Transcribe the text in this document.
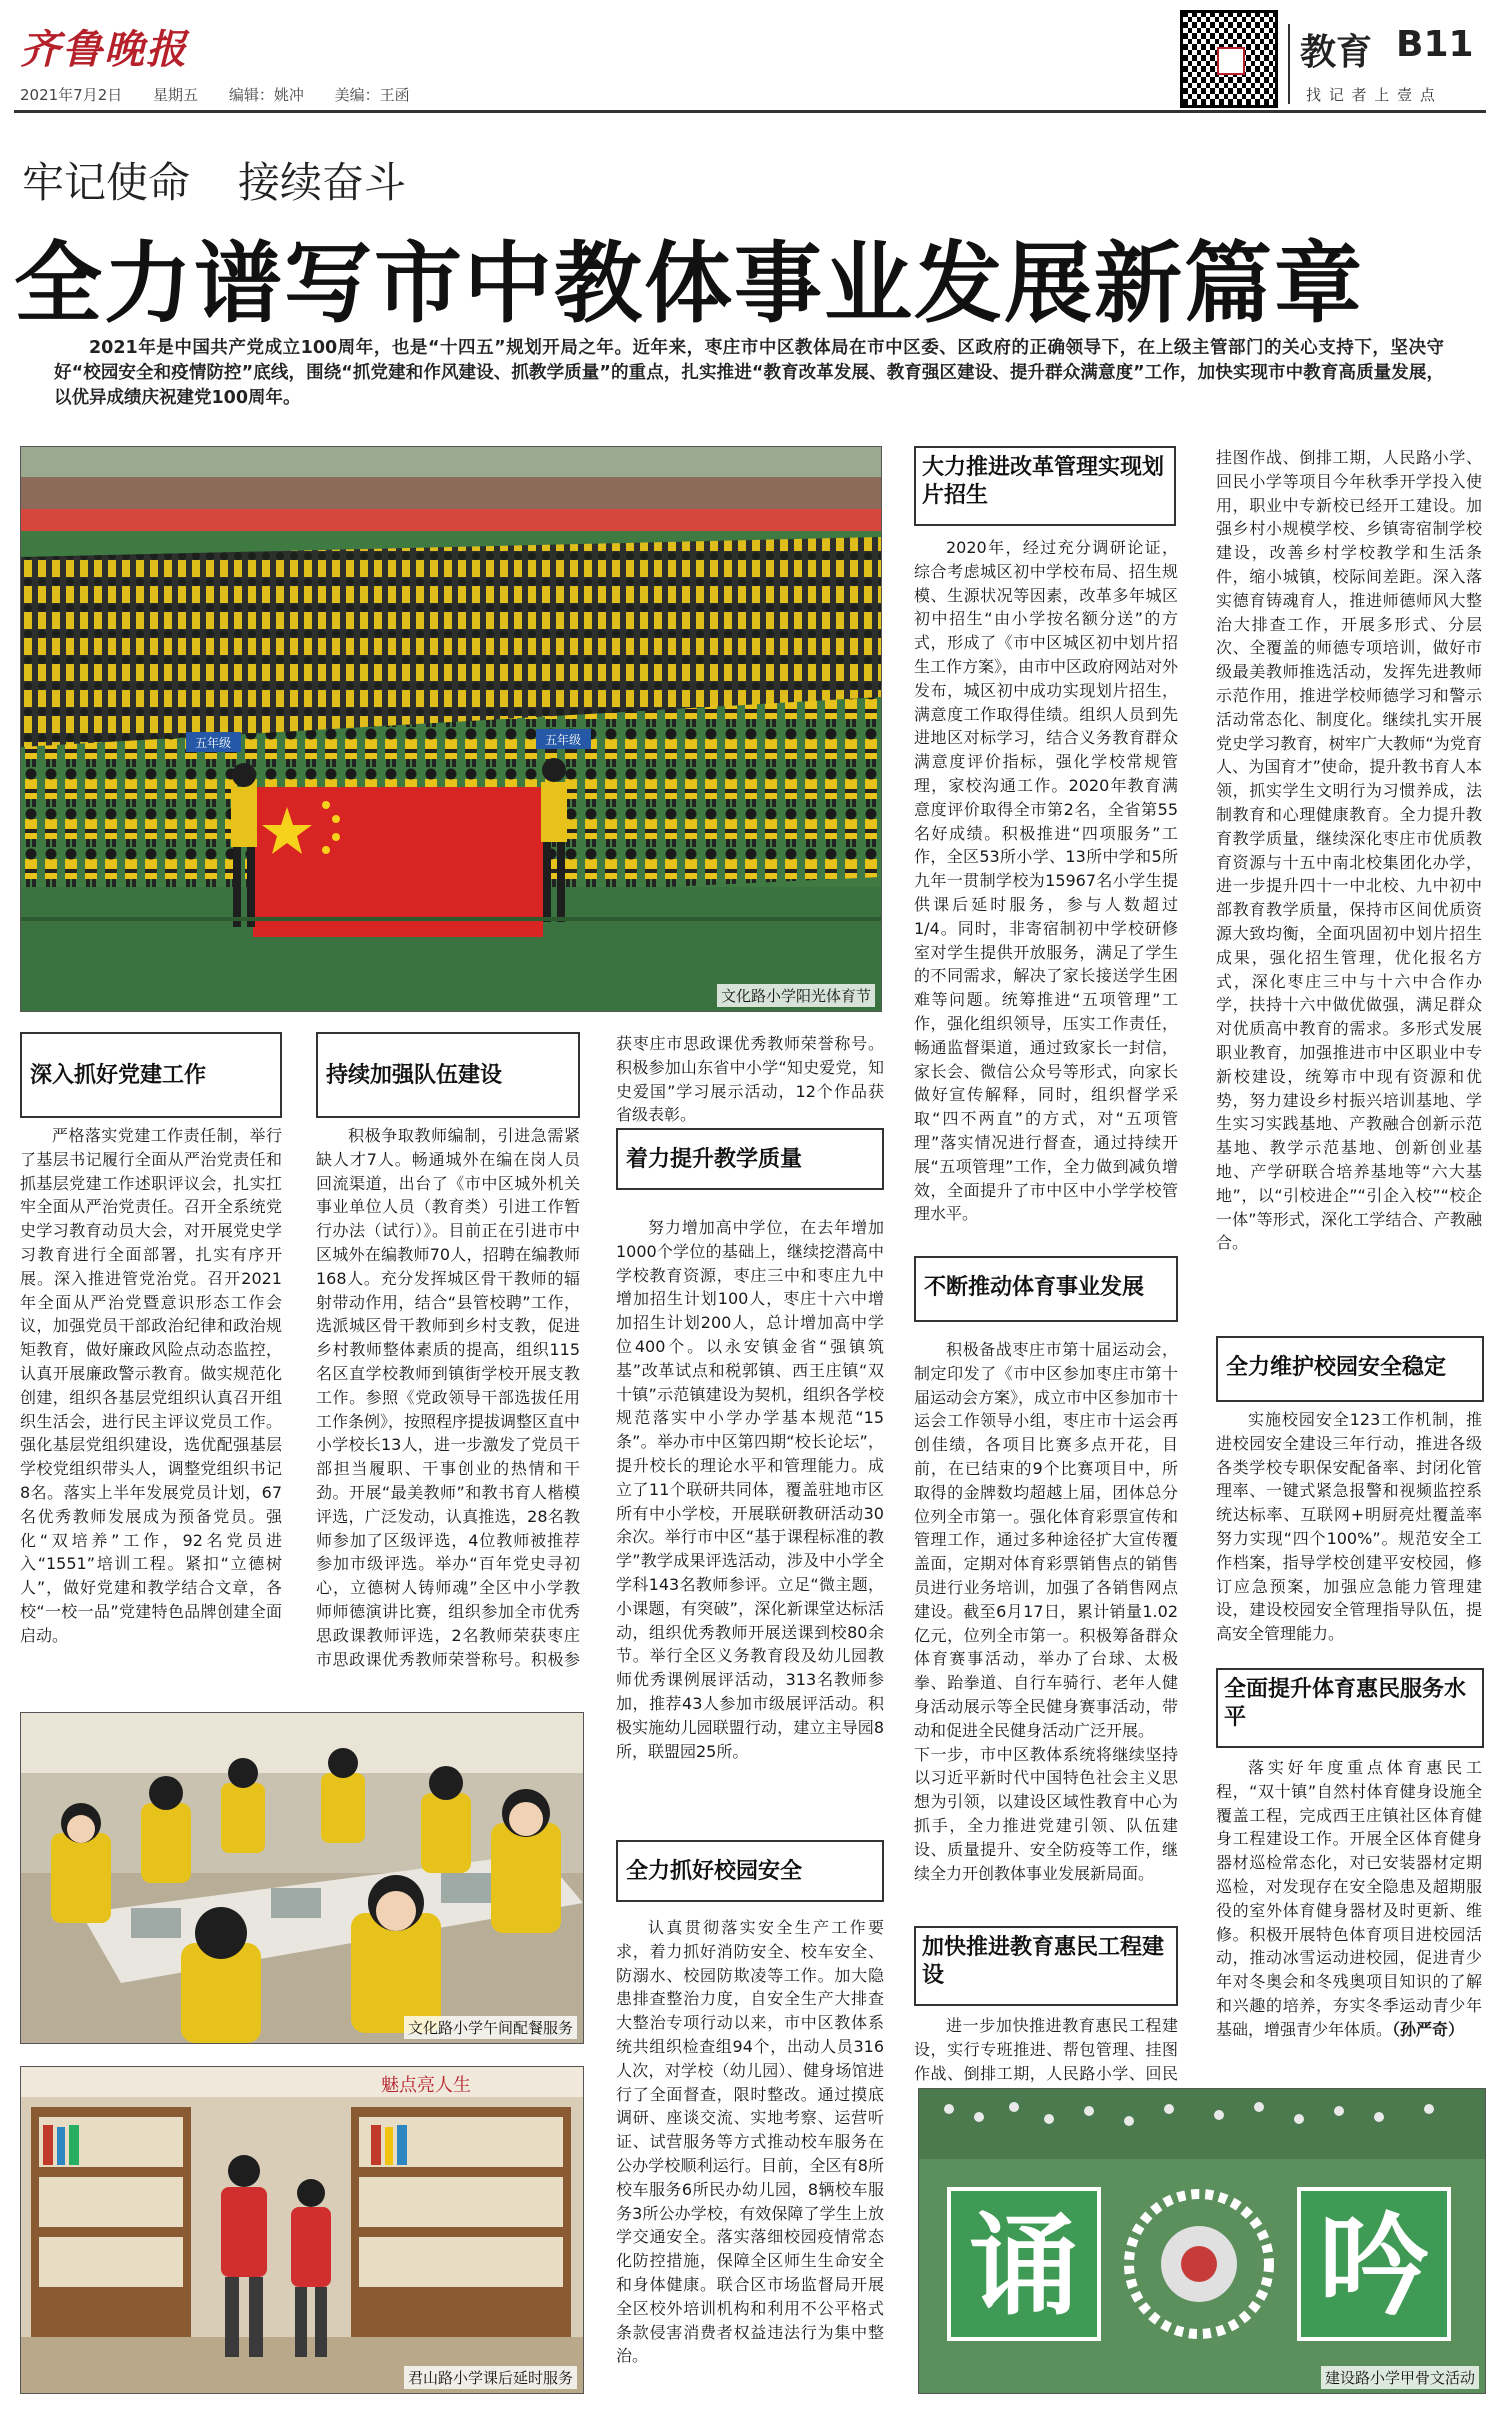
齐鲁晚报
2021年7月2日 星期五 编辑：姚冲 美编：王函
教育 B11
找 记 者 上 壹 点
牢记使命 接续奋斗
全力谱写市中教体事业发展新篇章
2021年是中国共产党成立100周年，也是“十四五”规划开局之年。近年来，枣庄市中区教体局在市中区委、区政府的正确领导下，在上级主管部门的关心支持下，坚决守好“校园安全和疫情防控”底线，围绕“抓党建和作风建设、抓教学质量”的重点，扎实推进“教育改革发展、教育强区建设、提升群众满意度”工作，加快实现市中教育高质量发展，以优异成绩庆祝建党100周年。
五年级	五年级
文化路小学阳光体育节
深入抓好党建工作
严格落实党建工作责任制，举行了基层书记履行全面从严治党责任和抓基层党建工作述职评议会，扎实扛牢全面从严治党责任。召开全系统党史学习教育动员大会，对开展党史学习教育进行全面部署，扎实有序开展。深入推进管党治党。召开2021年全面从严治党暨意识形态工作会议，加强党员干部政治纪律和政治规矩教育，做好廉政风险点动态监控，认真开展廉政警示教育。做实规范化创建，组织各基层党组织认真召开组织生活会，进行民主评议党员工作。强化基层党组织建设，选优配强基层学校党组织带头人，调整党组织书记8名。落实上半年发展党员计划，67名优秀教师发展成为预备党员。强化“双培养”工作，92名党员进入“1551”培训工程。紧扣“立德树人”，做好党建和教学结合文章，各校“一校一品”党建特色品牌创建全面启动。
持续加强队伍建设
积极争取教师编制，引进急需紧缺人才7人。畅通城外在编在岗人员回流渠道，出台了《市中区城外机关事业单位人员（教育类）引进工作暂行办法（试行）》。目前正在引进市中区城外在编教师70人，招聘在编教师168人。充分发挥城区骨干教师的辐射带动作用，结合“县管校聘”工作，选派城区骨干教师到乡村支教，促进乡村教师整体素质的提高，组织115名区直学校教师到镇街学校开展支教工作。参照《党政领导干部选拔任用工作条例》，按照程序提拔调整区直中小学校长13人，进一步激发了党员干部担当履职、干事创业的热情和干劲。开展“最美教师”和教书育人楷模评选，广泛发动，认真推选，28名教师参加了区级评选，4位教师被推荐参加市级评选。举办“百年党史寻初心，立德树人铸师魂”全区中小学教师师德演讲比赛，组织参加全市优秀思政课教师评选，2名教师荣获枣庄市思政课优秀教师荣誉称号。积极参
获枣庄市思政课优秀教师荣誉称号。积极参加山东省中小学“知史爱党，知史爱国”学习展示活动，12个作品获省级表彰。
着力提升教学质量
努力增加高中学位，在去年增加1000个学位的基础上，继续挖潜高中学校教育资源，枣庄三中和枣庄九中增加招生计划100人，枣庄十六中增加招生计划200人，总计增加高中学位400个。以永安镇金省“强镇筑基”改革试点和税郭镇、西王庄镇“双十镇”示范镇建设为契机，组织各学校规范落实中小学办学基本规范“15条”。举办市中区第四期“校长论坛”，提升校长的理论水平和管理能力。成立了11个联研共同体，覆盖驻地市区所有中小学校，开展联研教研活动30余次。举行市中区“基于课程标准的教学”教学成果评选活动，涉及中小学全学科143名教师参评。立足“微主题，小课题，有突破”，深化新课堂达标活动，组织优秀教师开展送课到校80余节。举行全区义务教育段及幼儿园教师优秀课例展评活动，313名教师参加，推荐43人参加市级展评活动。积极实施幼儿园联盟行动，建立主导园8所，联盟园25所。
全力抓好校园安全
认真贯彻落实安全生产工作要求，着力抓好消防安全、校车安全、防溺水、校园防欺凌等工作。加大隐患排查整治力度，自安全生产大排查大整治专项行动以来，市中区教体系统共组织检查组94个，出动人员316人次，对学校（幼儿园）、健身场馆进行了全面督查，限时整改。通过摸底调研、座谈交流、实地考察、运营听证、试营服务等方式推动校车服务在公办学校顺利运行。目前，全区有8所校车服务6所民办幼儿园，8辆校车服务3所公办学校，有效保障了学生上放学交通安全。落实落细校园疫情常态化防控措施，保障全区师生生命安全和身体健康。联合区市场监督局开展全区校外培训机构和利用不公平格式条款侵害消费者权益违法行为集中整治。
文化路小学午间配餐服务
魅点亮人生
君山路小学课后延时服务
大力推进改革管理实现划片招生
2020年，经过充分调研论证，综合考虑城区初中学校布局、招生规模、生源状况等因素，改革多年城区初中招生“由小学按名额分送”的方式，形成了《市中区城区初中划片招生工作方案》，由市中区政府网站对外发布，城区初中成功实现划片招生，满意度工作取得佳绩。组织人员到先进地区对标学习，结合义务教育群众满意度评价指标，强化学校常规管理，家校沟通工作。2020年教育满意度评价取得全市第2名，全省第55名好成绩。积极推进“四项服务”工作，全区53所小学、13所中学和5所九年一贯制学校为15967名小学生提供课后延时服务，参与人数超过1/4。同时，非寄宿制初中学校研修室对学生提供开放服务，满足了学生的不同需求，解决了家长接送学生困难等问题。统筹推进“五项管理”工作，强化组织领导，压实工作责任，畅通监督渠道，通过致家长一封信，家长会、微信公众号等形式，向家长做好宣传解释，同时，组织督学采取“四不两直”的方式，对“五项管理”落实情况进行督查，通过持续开展“五项管理”工作，全力做到减负增效，全面提升了市中区中小学学校管理水平。
不断推动体育事业发展
积极备战枣庄市第十届运动会，制定印发了《市中区参加枣庄市第十届运动会方案》，成立市中区参加市十运会工作领导小组，枣庄市十运会再创佳绩，各项目比赛多点开花，目前，在已结束的9个比赛项目中，所取得的金牌数均超越上届，团体总分位列全市第一。强化体育彩票宣传和管理工作，通过多种途径扩大宣传覆盖面，定期对体育彩票销售点的销售员进行业务培训，加强了各销售网点建设。截至6月17日，累计销量1.02亿元，位列全市第一。积极筹备群众体育赛事活动，举办了台球、太极拳、跆拳道、自行车骑行、老年人健身活动展示等全民健身赛事活动，带动和促进全民健身活动广泛开展。
下一步，市中区教体系统将继续坚持以习近平新时代中国特色社会主义思想为引领，以建设区域性教育中心为抓手，全力推进党建引领、队伍建设、质量提升、安全防疫等工作，继续全力开创教体事业发展新局面。
加快推进教育惠民工程建设
进一步加快推进教育惠民工程建设，实行专班推进、帮包管理、挂图作战、倒排工期，人民路小学、回民
挂图作战、倒排工期，人民路小学、回民小学等项目今年秋季开学投入使用，职业中专新校已经开工建设。加强乡村小规模学校、乡镇寄宿制学校建设，改善乡村学校教学和生活条件，缩小城镇，校际间差距。深入落实德育铸魂育人，推进师德师风大整治大排查工作，开展多形式、分层次、全覆盖的师德专项培训，做好市级最美教师推选活动，发挥先进教师示范作用，推进学校师德学习和警示活动常态化、制度化。继续扎实开展党史学习教育，树牢广大教师“为党育人、为国育才”使命，提升教书育人本领，抓实学生文明行为习惯养成，法制教育和心理健康教育。全力提升教育教学质量，继续深化枣庄市优质教育资源与十五中南北校集团化办学，进一步提升四十一中北校、九中初中部教育教学质量，保持市区间优质资源大致均衡，全面巩固初中划片招生成果，强化招生管理，优化报名方式，深化枣庄三中与十六中合作办学，扶持十六中做优做强，满足群众对优质高中教育的需求。多形式发展职业教育，加强推进市中区职业中专新校建设，统筹市中现有资源和优势，努力建设乡村振兴培训基地、学生实习实践基地、产教融合创新示范基地、教学示范基地、创新创业基地、产学研联合培养基地等“六大基地”，以“引校进企”“引企入校”“校企一体”等形式，深化工学结合、产教融合。
全力维护校园安全稳定
实施校园安全123工作机制，推进校园安全建设三年行动，推进各级各类学校专职保安配备率、封闭化管理率、一键式紧急报警和视频监控系统达标率、互联网+明厨亮灶覆盖率努力实现“四个100%”。规范安全工作档案，指导学校创建平安校园，修订应急预案，加强应急能力管理建设，建设校园安全管理指导队伍，提高安全管理能力。
全面提升体育惠民服务水平
落实好年度重点体育惠民工程，“双十镇”自然村体育健身设施全覆盖工程，完成西王庄镇社区体育健身工程建设工作。开展全区体育健身器材巡检常态化，对已安装器材定期巡检，对发现存在安全隐患及超期服役的室外体育健身器材及时更新、维修。积极开展特色体育项目进校园活动，推动冰雪运动进校园，促进青少年对冬奥会和冬残奥项目知识的了解和兴趣的培养，夯实冬季运动青少年基础，增强青少年体质。（孙严奇）
诵 吟
建设路小学甲骨文活动
